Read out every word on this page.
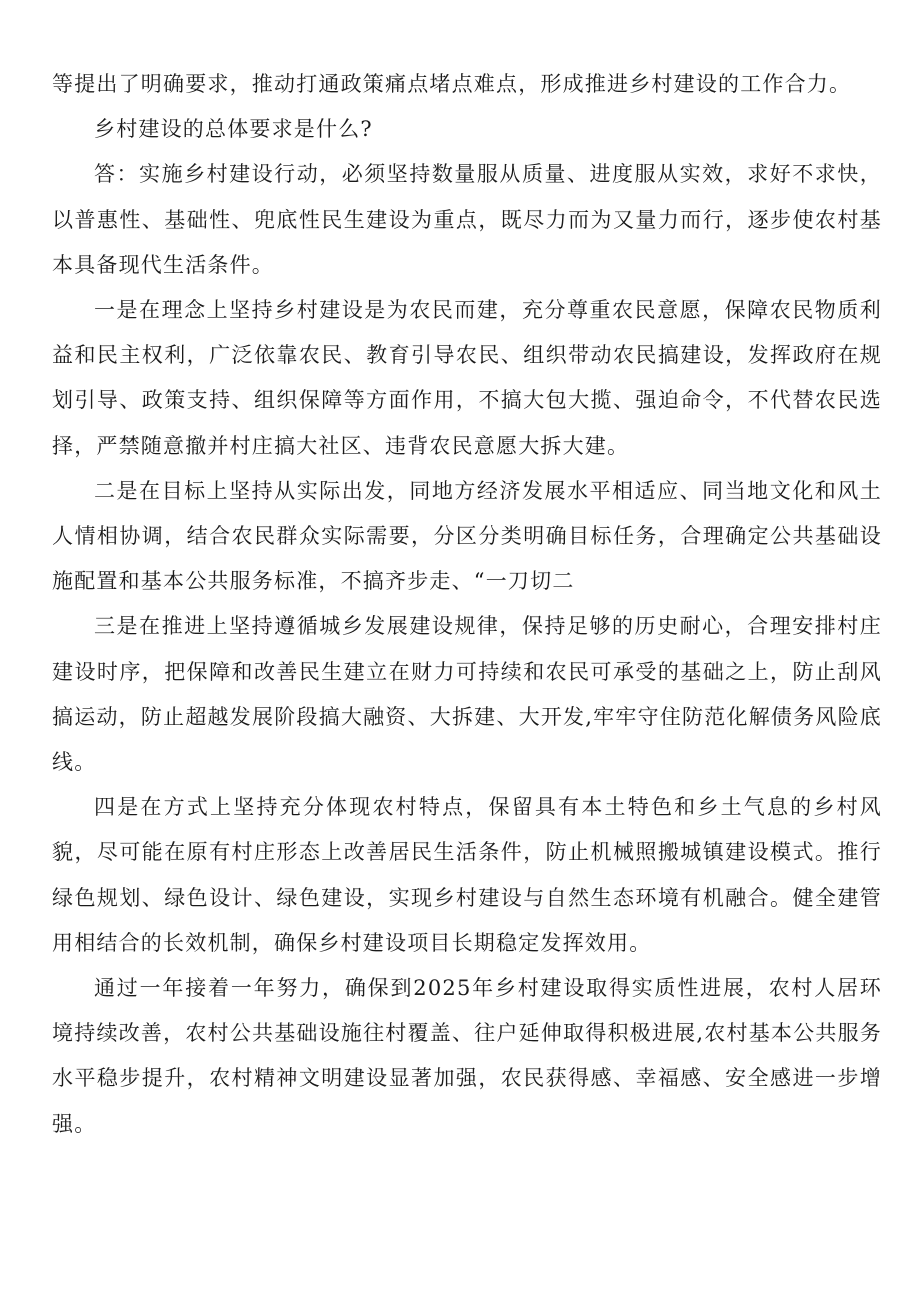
等提出了明确要求，推动打通政策痛点堵点难点，形成推进乡村建设的工作合力。

乡村建设的总体要求是什么?

答：实施乡村建设行动，必须坚持数量服从质量、进度服从实效，求好不求快，以普惠性、基础性、兜底性民生建设为重点，既尽力而为又量力而行，逐步使农村基本具备现代生活条件。

一是在理念上坚持乡村建设是为农民而建，充分尊重农民意愿，保障农民物质利益和民主权利，广泛依靠农民、教育引导农民、组织带动农民搞建设，发挥政府在规划引导、政策支持、组织保障等方面作用，不搞大包大揽、强迫命令，不代替农民选择，严禁随意撤并村庄搞大社区、违背农民意愿大拆大建。

二是在目标上坚持从实际出发，同地方经济发展水平相适应、同当地文化和风土人情相协调，结合农民群众实际需要，分区分类明确目标任务，合理确定公共基础设施配置和基本公共服务标准，不搞齐步走、“一刀切二

三是在推进上坚持遵循城乡发展建设规律，保持足够的历史耐心，合理安排村庄建设时序，把保障和改善民生建立在财力可持续和农民可承受的基础之上，防止刮风搞运动，防止超越发展阶段搞大融资、大拆建、大开发,牢牢守住防范化解债务风险底线。

四是在方式上坚持充分体现农村特点，保留具有本土特色和乡土气息的乡村风貌，尽可能在原有村庄形态上改善居民生活条件，防止机械照搬城镇建设模式。推行绿色规划、绿色设计、绿色建设，实现乡村建设与自然生态环境有机融合。健全建管用相结合的长效机制，确保乡村建设项目长期稳定发挥效用。

通过一年接着一年努力，确保到2025年乡村建设取得实质性进展，农村人居环境持续改善，农村公共基础设施往村覆盖、往户延伸取得积极进展,农村基本公共服务水平稳步提升，农村精神文明建设显著加强，农民获得感、幸福感、安全感进一步增强。
